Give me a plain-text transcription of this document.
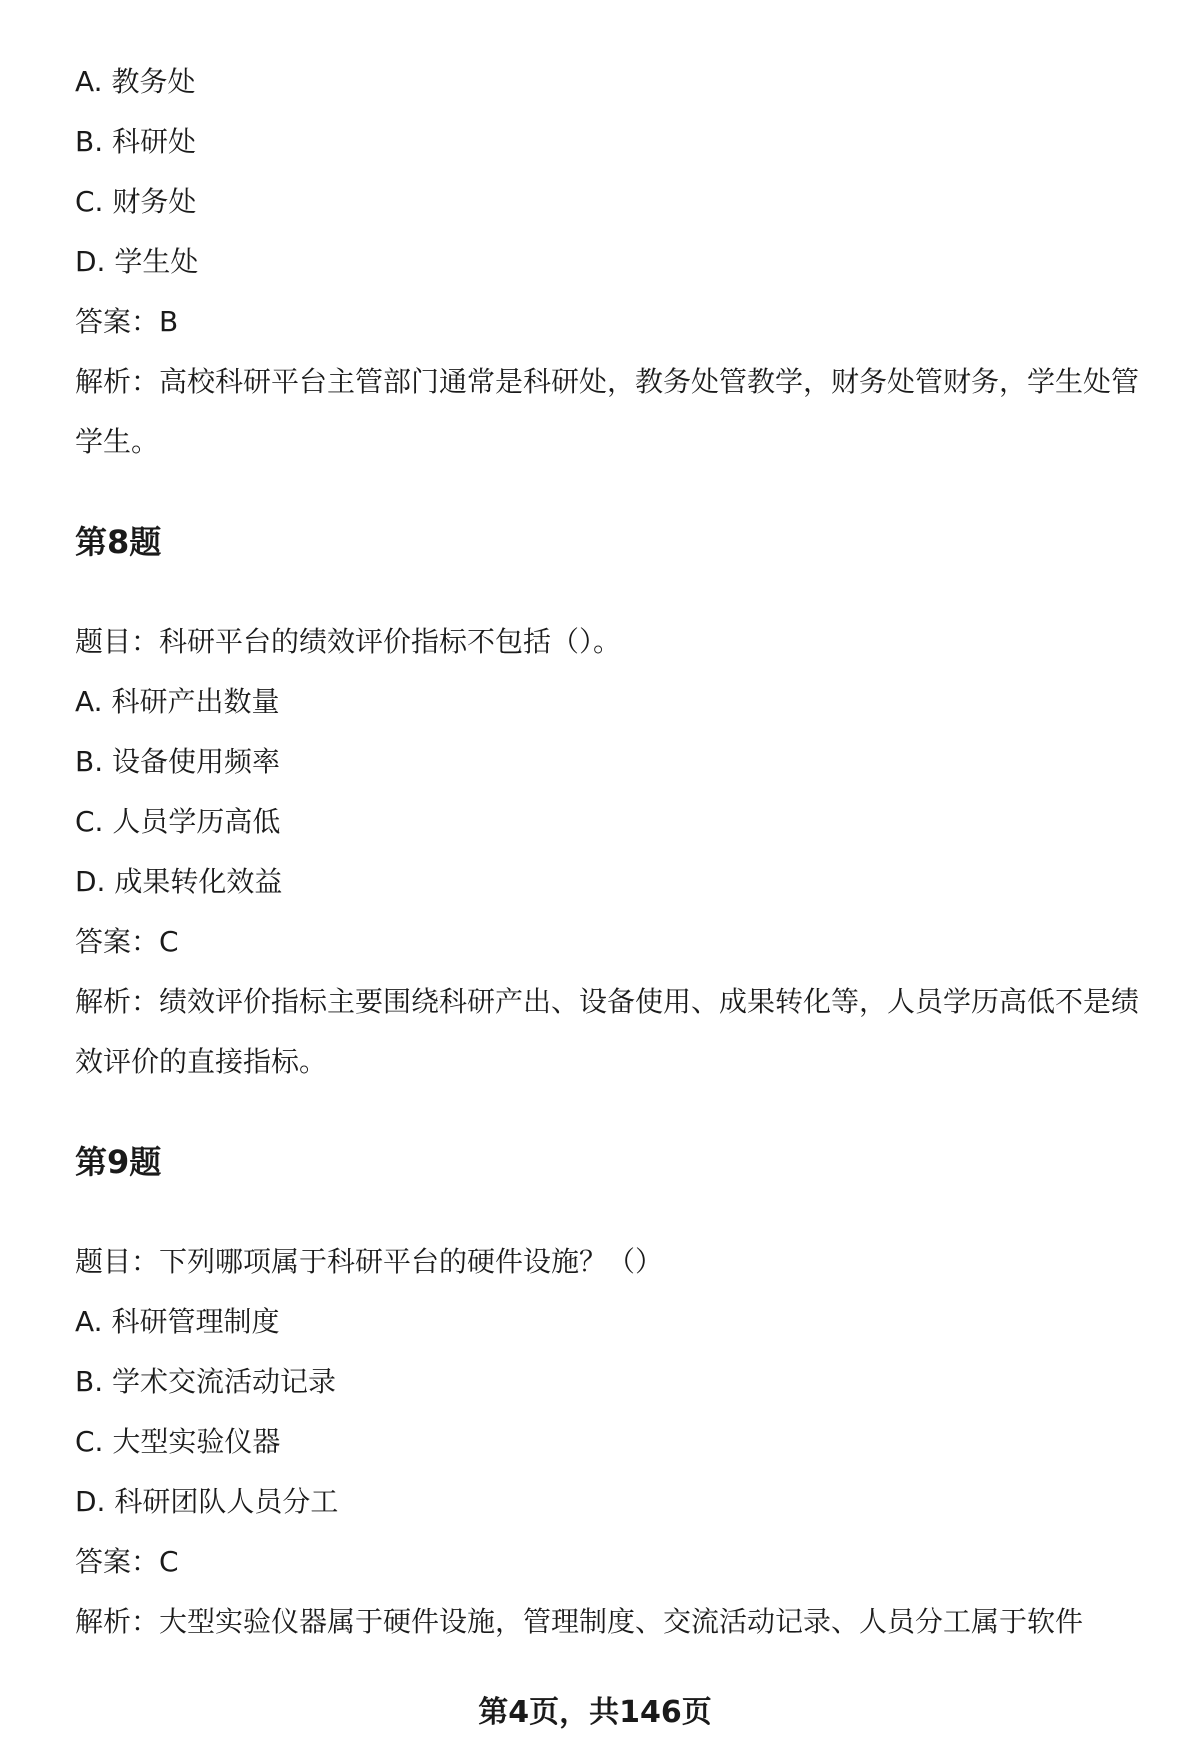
A. 教务处
B. 科研处
C. 财务处
D. 学生处
答案：B

解析：高校科研平台主管部门通常是科研处，教务处管教学，财务处管财务，学生处管学生。

第8题
题目：科研平台的绩效评价指标不包括（）。
A. 科研产出数量
B. 设备使用频率
C. 人员学历高低
D. 成果转化效益
答案：C

解析：绩效评价指标主要围绕科研产出、设备使用、成果转化等，人员学历高低不是绩效评价的直接指标。

第9题
题目：下列哪项属于科研平台的硬件设施？（）
A. 科研管理制度
B. 学术交流活动记录
C. 大型实验仪器
D. 科研团队人员分工
答案：C

解析：大型实验仪器属于硬件设施，管理制度、交流活动记录、人员分工属于软件

第4页，共146页
